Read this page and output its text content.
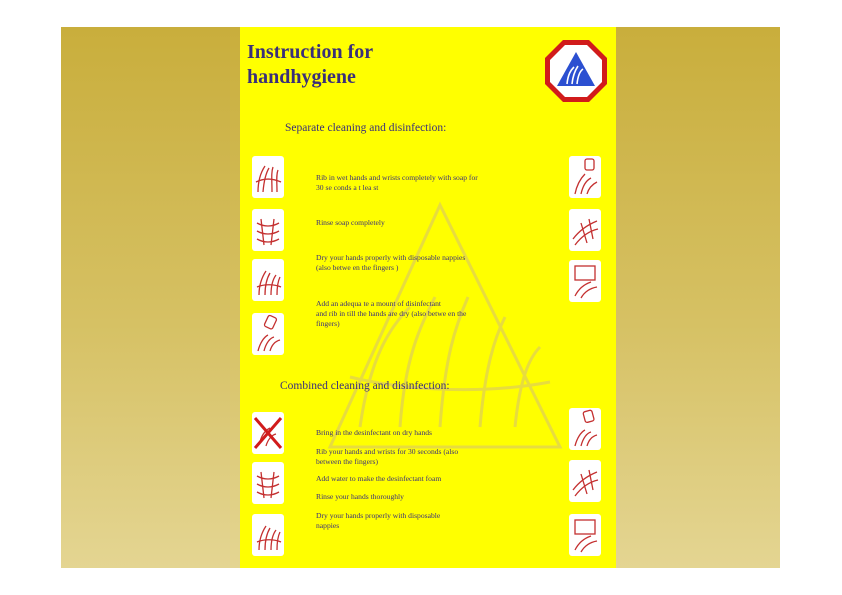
Instruction for
handhygiene
Separate cleaning and disinfection:
Rib in wet hands and wrists completely with soap for
30 se conds a t lea st
Rinse soap completely
Dry your hands properly with disposable nappies
(also betwe en the fingers )
Add an adequa te a mount of disinfectant
and rib in till the hands are dry (also betwe en the
fingers)
Combined cleaning and disinfection:
Bring in the desinfectant on dry hands
Rib your hands and wrists for 30 seconds (also
between the fingers)
Add water to make the desinfectant foam
Rinse your hands thoroughly
Dry your hands properly with disposable
nappies
